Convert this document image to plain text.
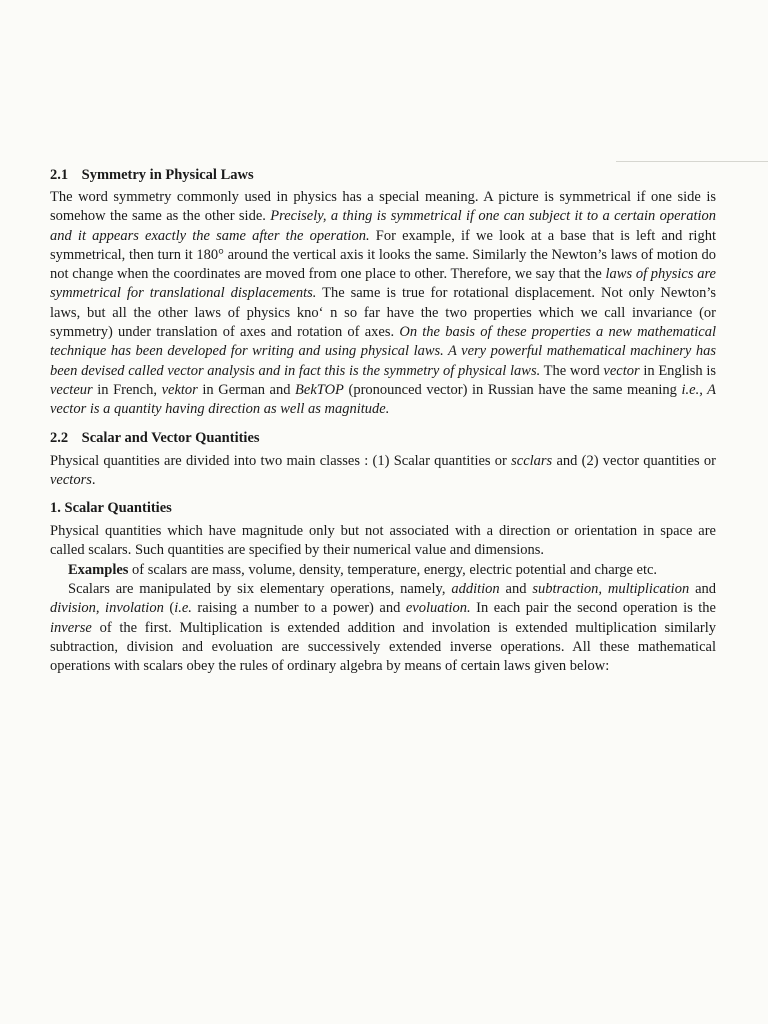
2.1 Symmetry in Physical Laws

The word symmetry commonly used in physics has a special meaning. A picture is symmetrical if one side is somehow the same as the other side. Precisely, a thing is symmetrical if one can subject it to a certain operation and it appears exactly the same after the operation. For example, if we look at a base that is left and right symmetrical, then turn it 180° around the vertical axis it looks the same. Similarly the Newton’s laws of motion do not change when the coordinates are moved from one place to other. Therefore, we say that the laws of physics are symmetrical for translational displacements. The same is true for rotational displacement. Not only Newton’s laws, but all the other laws of physics knoʻ n so far have the two properties which we call invariance (or symmetry) under translation of axes and rotation of axes. On the basis of these properties a new mathematical technique has been developed for writing and using physical laws. A very powerful mathematical machinery has been devised called vector analysis and in fact this is the symmetry of physical laws. The word vector in English is vecteur in French, vektor in German and BekTOP (pronounced vector) in Russian have the same meaning i.e., A vector is a quantity having direction as well as magnitude.

2.2 Scalar and Vector Quantities

Physical quantities are divided into two main classes : (1) Scalar quantities or scclars and (2) vector quantities or vectors.

1. Scalar Quantities

Physical quantities which have magnitude only but not associated with a direction or orientation in space are called scalars. Such quantities are specified by their numerical value and dimensions.

Examples of scalars are mass, volume, density, temperature, energy, electric potential and charge etc.

Scalars are manipulated by six elementary operations, namely, addition and subtraction, multiplication and division, involation (i.e. raising a number to a power) and evoluation. In each pair the second operation is the inverse of the first. Multiplication is extended addition and involation is extended multiplication similarly subtraction, division and evoluation are successively extended inverse operations. All these mathematical operations with scalars obey the rules of ordinary algebra by means of certain laws given below:
